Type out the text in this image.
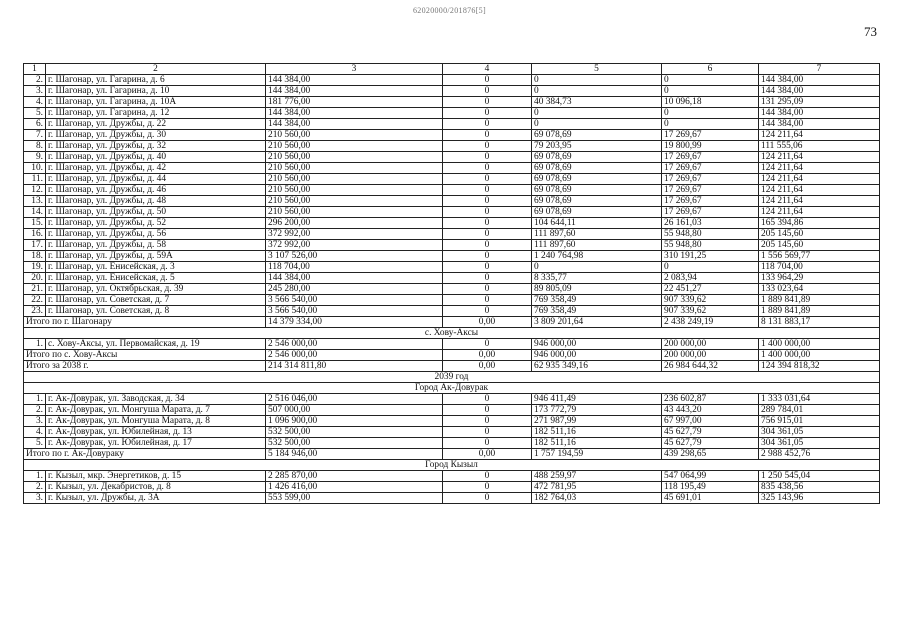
62020000/201876[5]
73
1	2	3	4	5	6	7
2.	г. Шагонар, ул. Гагарина, д. 6	144 384,00	0	0	0	144 384,00
3.	г. Шагонар, ул. Гагарина, д. 10	144 384,00	0	0	0	144 384,00
4.	г. Шагонар, ул. Гагарина, д. 10А	181 776,00	0	40 384,73	10 096,18	131 295,09
5.	г. Шагонар, ул. Гагарина, д. 12	144 384,00	0	0	0	144 384,00
6.	г. Шагонар, ул. Дружбы, д. 22	144 384,00	0	0	0	144 384,00
7.	г. Шагонар, ул. Дружбы, д. 30	210 560,00	0	69 078,69	17 269,67	124 211,64
8.	г. Шагонар, ул. Дружбы, д. 32	210 560,00	0	79 203,95	19 800,99	111 555,06
9.	г. Шагонар, ул. Дружбы, д. 40	210 560,00	0	69 078,69	17 269,67	124 211,64
10.	г. Шагонар, ул. Дружбы, д. 42	210 560,00	0	69 078,69	17 269,67	124 211,64
11.	г. Шагонар, ул. Дружбы, д. 44	210 560,00	0	69 078,69	17 269,67	124 211,64
12.	г. Шагонар, ул. Дружбы, д. 46	210 560,00	0	69 078,69	17 269,67	124 211,64
13.	г. Шагонар, ул. Дружбы, д. 48	210 560,00	0	69 078,69	17 269,67	124 211,64
14.	г. Шагонар, ул. Дружбы, д. 50	210 560,00	0	69 078,69	17 269,67	124 211,64
15.	г. Шагонар, ул. Дружбы, д. 52	296 200,00	0	104 644,11	26 161,03	165 394,86
16.	г. Шагонар, ул. Дружбы, д. 56	372 992,00	0	111 897,60	55 948,80	205 145,60
17.	г. Шагонар, ул. Дружбы, д. 58	372 992,00	0	111 897,60	55 948,80	205 145,60
18.	г. Шагонар, ул. Дружбы, д. 59А	3 107 526,00	0	1 240 764,98	310 191,25	1 556 569,77
19.	г. Шагонар, ул. Енисейская, д. 3	118 704,00	0	0	0	118 704,00
20.	г. Шагонар, ул. Енисейская, д. 5	144 384,00	0	8 335,77	2 083,94	133 964,29
21.	г. Шагонар, ул. Октябрьская, д. 39	245 280,00	0	89 805,09	22 451,27	133 023,64
22.	г. Шагонар, ул. Советская, д. 7	3 566 540,00	0	769 358,49	907 339,62	1 889 841,89
23.	г. Шагонар, ул. Советская, д. 8	3 566 540,00	0	769 358,49	907 339,62	1 889 841,89
Итого по г. Шагонару		14 379 334,00	0,00	3 809 201,64	2 438 249,19	8 131 883,17
с. Хову-Аксы						
1.	с. Хову-Аксы, ул. Первомайская, д. 19	2 546 000,00	0	946 000,00	200 000,00	1 400 000,00
Итого по с. Хову-Аксы		2 546 000,00	0,00	946 000,00	200 000,00	1 400 000,00
Итого за 2038 г.		214 314 811,80	0,00	62 935 349,16	26 984 644,32	124 394 818,32
2039 год						
Город Ак-Довурак						
1.	г. Ак-Довурак, ул. Заводская, д. 34	2 516 046,00	0	946 411,49	236 602,87	1 333 031,64
2.	г. Ак-Довурак, ул. Монгуша Марата, д. 7	507 000,00	0	173 772,79	43 443,20	289 784,01
3.	г. Ак-Довурак, ул. Монгуша Марата, д. 8	1 096 900,00	0	271 987,99	67 997,00	756 915,01
4.	г. Ак-Довурак, ул. Юбилейная, д. 13	532 500,00	0	182 511,16	45 627,79	304 361,05
5.	г. Ак-Довурак, ул. Юбилейная, д. 17	532 500,00	0	182 511,16	45 627,79	304 361,05
Итого по г. Ак-Довураку		5 184 946,00	0,00	1 757 194,59	439 298,65	2 988 452,76
Город Кызыл						
1.	г. Кызыл, мкр. Энергетиков, д. 15	2 285 870,00	0	488 259,97	547 064,99	1 250 545,04
2.	г. Кызыл, ул. Декабристов, д. 8	1 426 416,00	0	472 781,95	118 195,49	835 438,56
3.	г. Кызыл, ул. Дружбы, д. 3А	553 599,00	0	182 764,03	45 691,01	325 143,96
